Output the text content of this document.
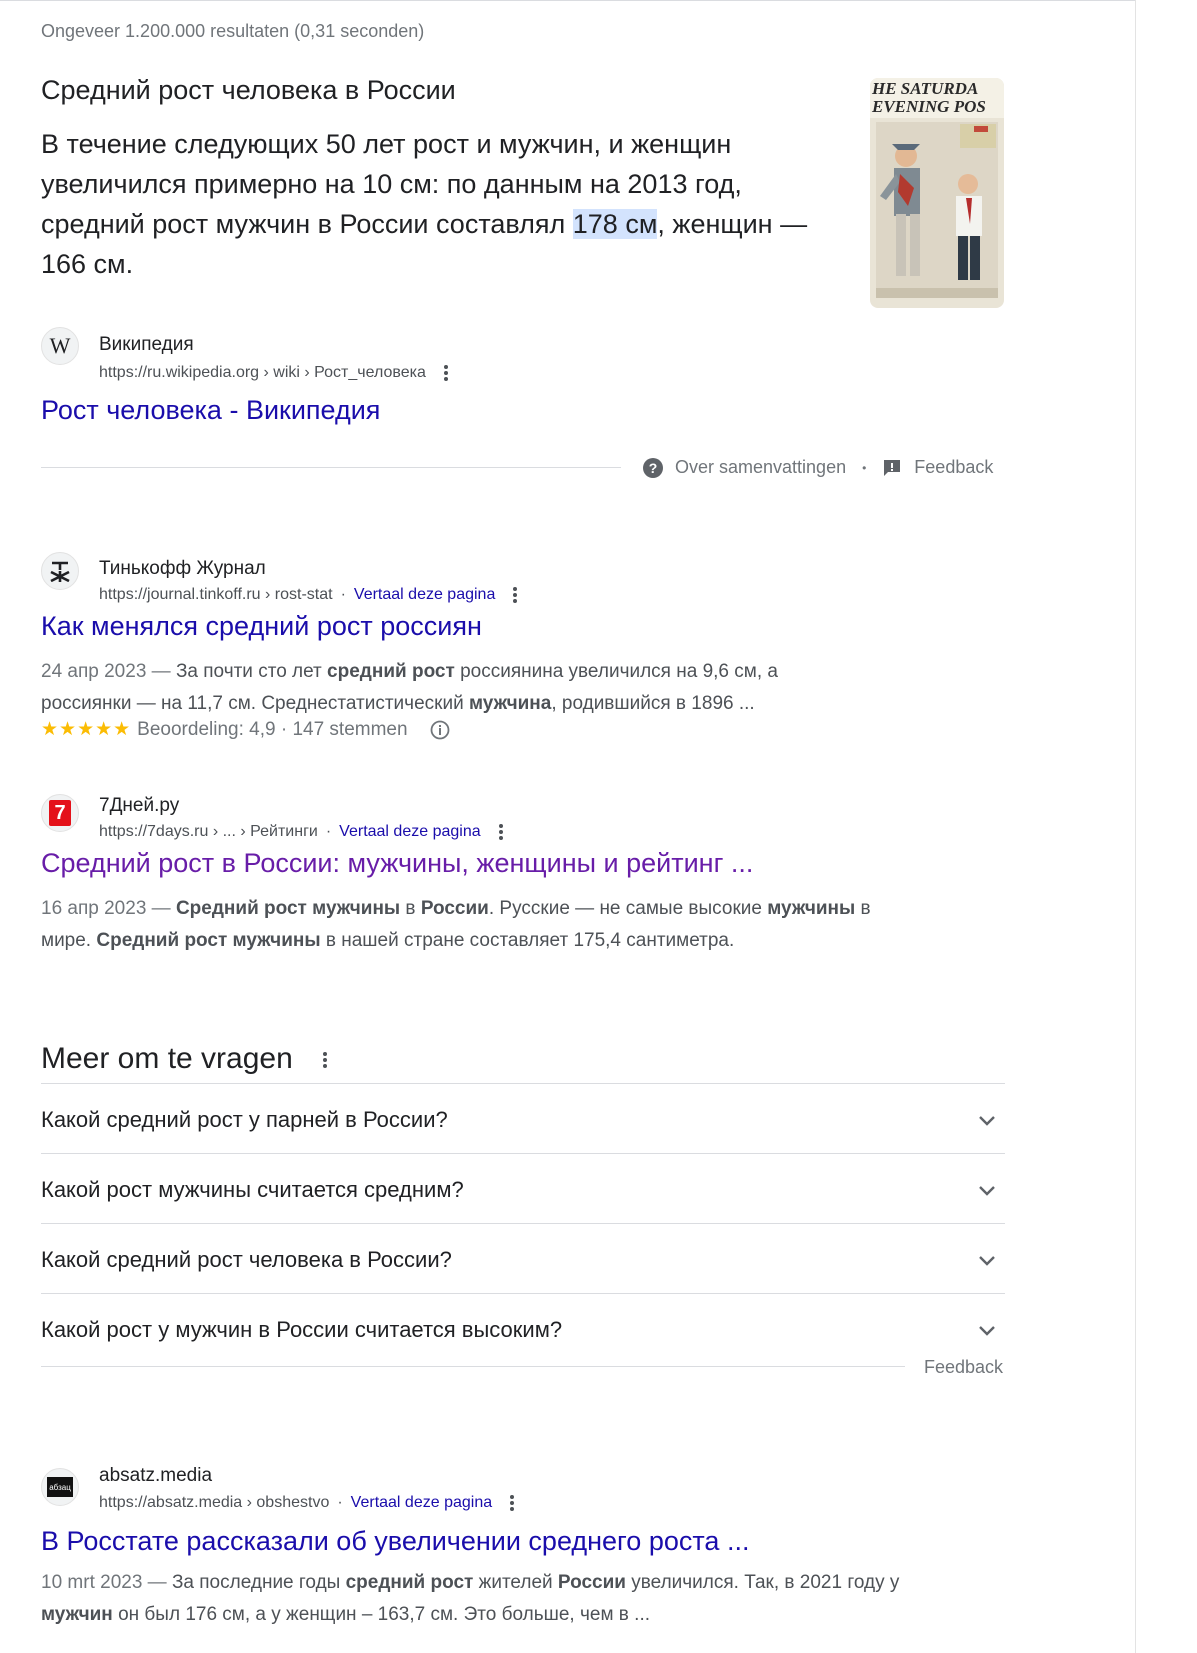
Ongeveer 1.200.000 resultaten (0,31 seconden)
Средний рост человека в России
В течение следующих 50 лет рост и мужчин, и женщин увеличился примерно на 10 см: по данным на 2013 год, средний рост мужчин в России составлял 178 см, женщин — 166 см.
HE SATURDA
EVENING POS
W Википедия
https://ru.wikipedia.org › wiki › Рост_человека
Рост человека - Википедия
? Over samenvattingen •	Feedback
Тинькофф Журнал
https://journal.tinkoff.ru › rost-stat · Vertaal deze pagina
Как менялся средний рост россиян
24 апр 2023 — За почти сто лет средний рост россиянина увеличился на 9,6 см, а россиянки — на 11,7 см. Среднестатистический мужчина, родившийся в 1896 ...
★★★★★ Beoordeling: 4,9 · 147 stemmen
7 7Дней.ру
https://7days.ru › ... › Рейтинги · Vertaal deze pagina
Средний рост в России: мужчины, женщины и рейтинг ...
16 апр 2023 — Средний рост мужчины в России. Русские — не самые высокие мужчины в мире. Средний рост мужчины в нашей стране составляет 175,4 сантиметра.
Meer om te vragen
Какой средний рост у парней в России?
Какой рост мужчины считается средним?
Какой средний рост человека в России?
Какой рост у мужчин в России считается высоким?
Feedback
абзац
absatz.media
https://absatz.media › obshestvo · Vertaal deze pagina
В Росстате рассказали об увеличении среднего роста ...
10 mrt 2023 — За последние годы средний рост жителей России увеличился. Так, в 2021 году у мужчин он был 176 см, а у женщин – 163,7 см. Это больше, чем в ...
